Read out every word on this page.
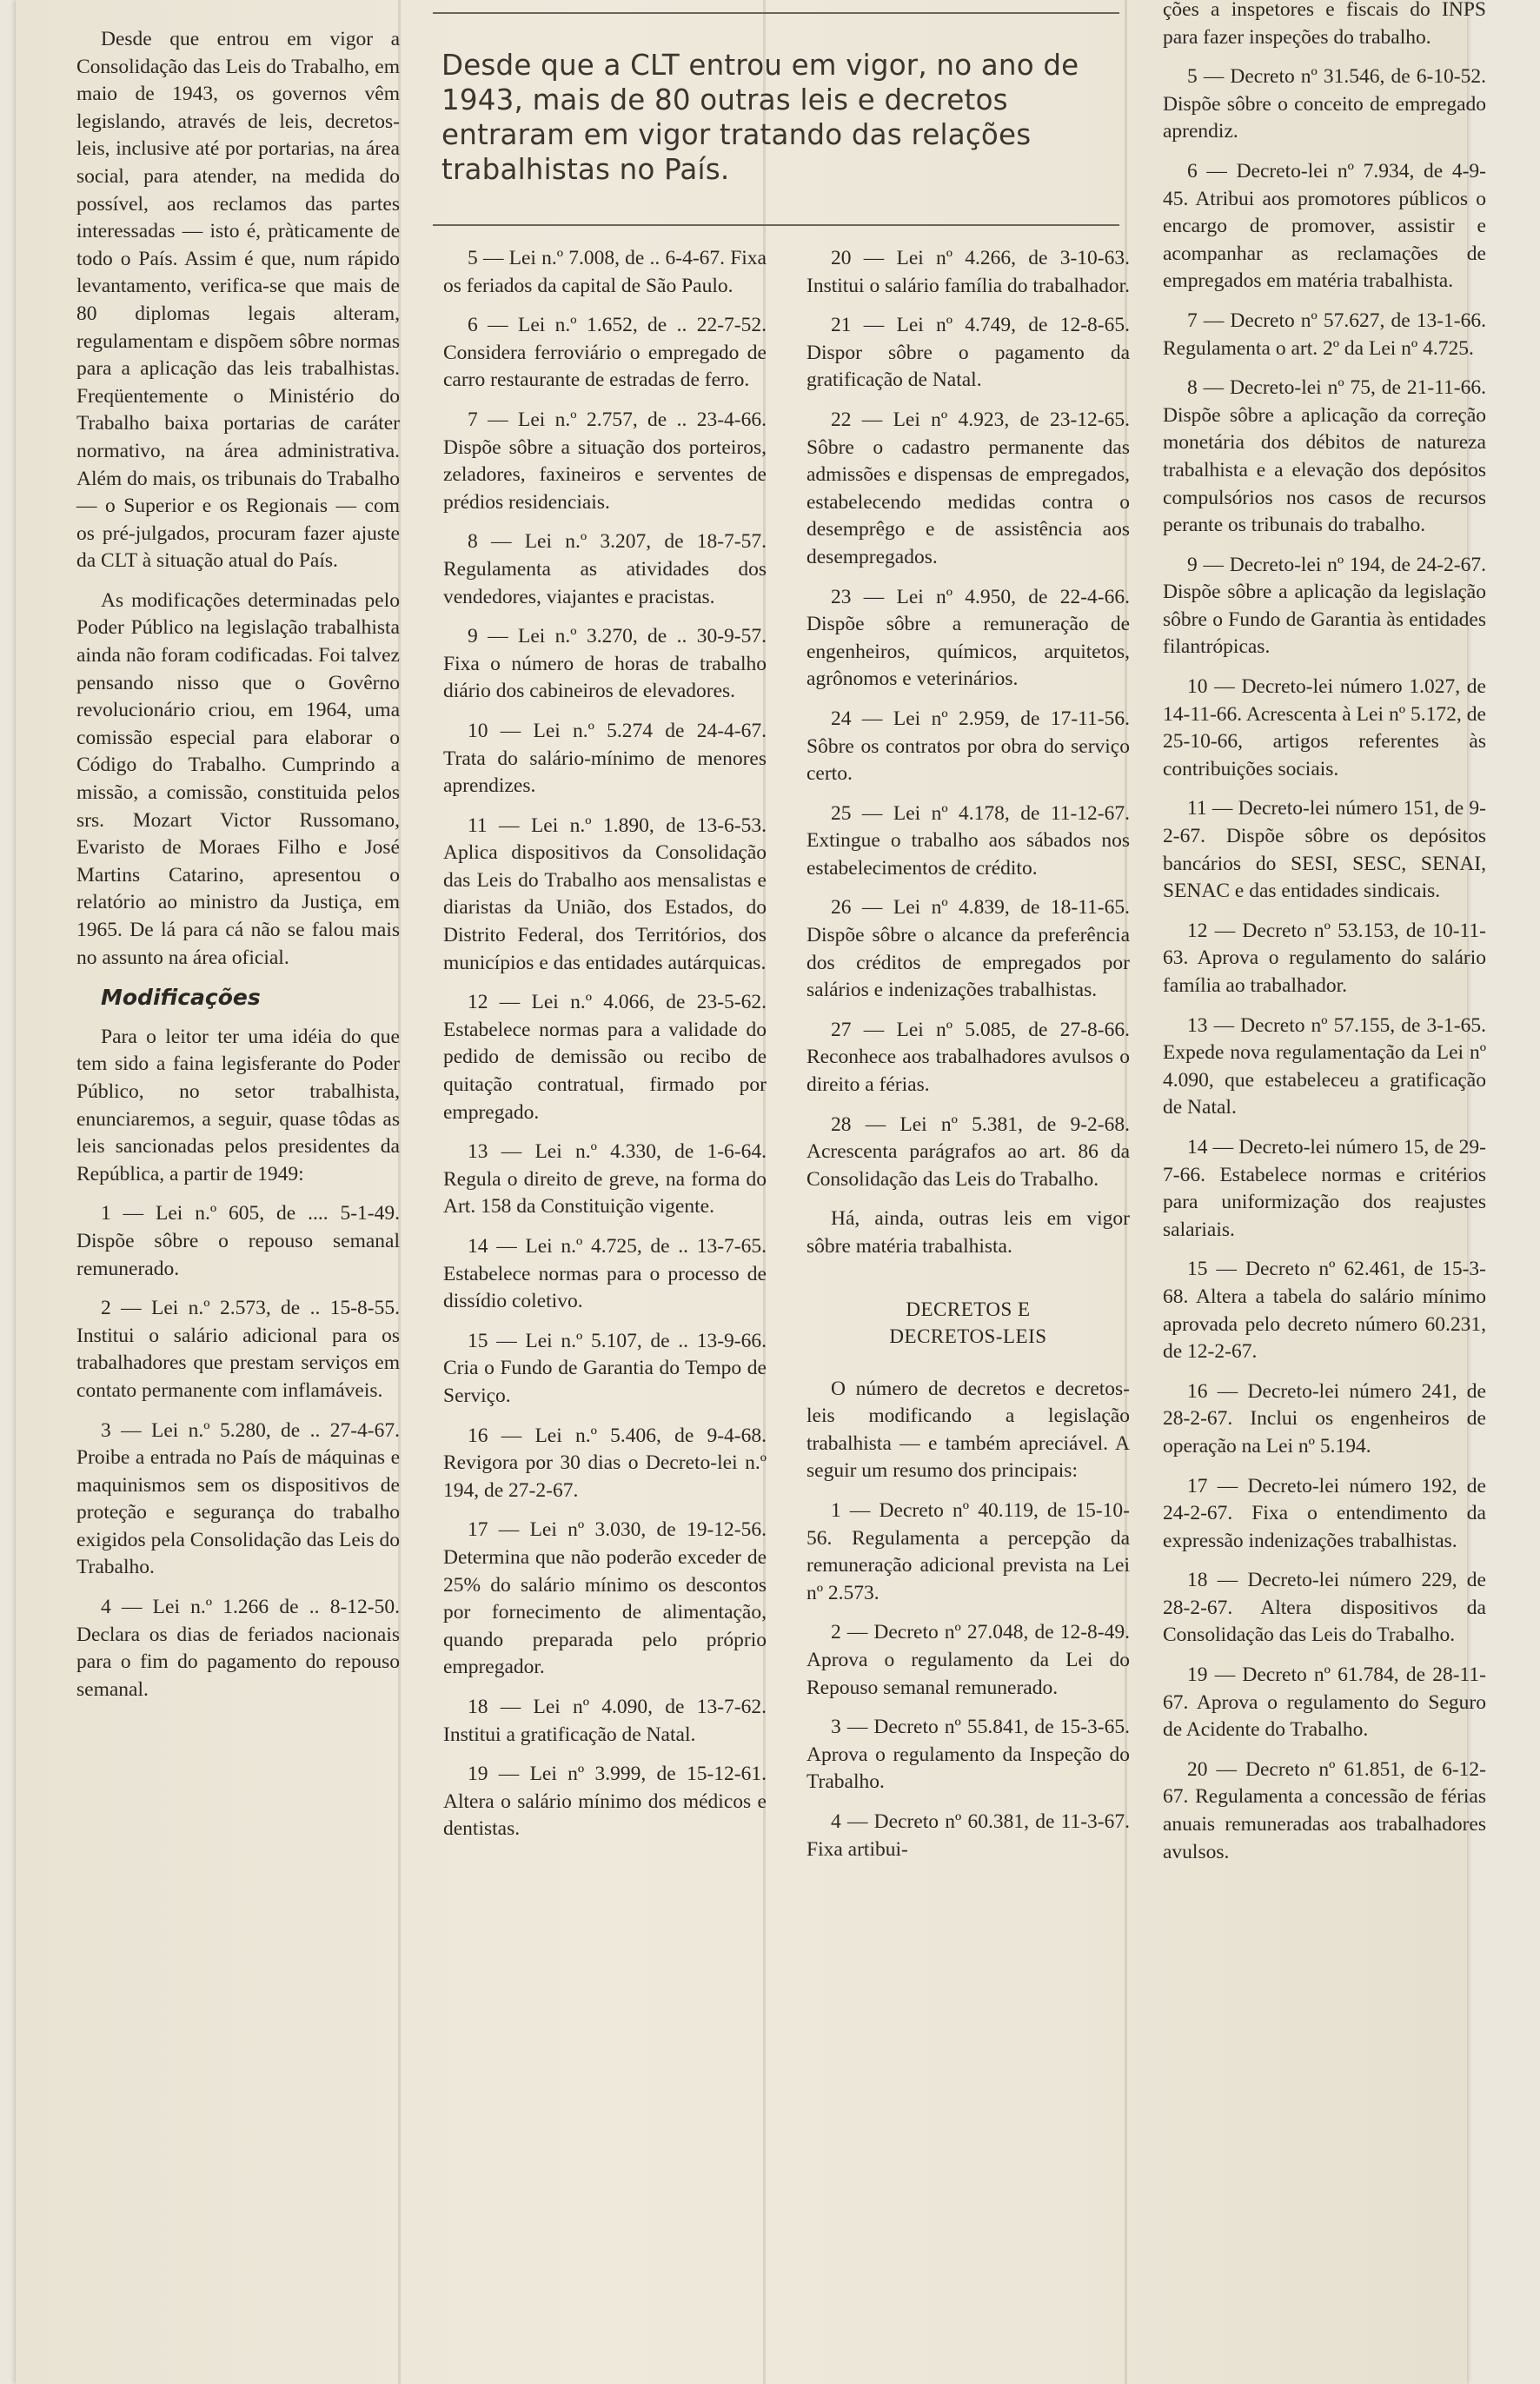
Desde que a CLT entrou em vigor, no ano de 1943, mais de 80 outras leis e decretos entraram em vigor tratando das relações trabalhistas no País.

Desde que entrou em vigor a Consolidação das Leis do Trabalho, em maio de 1943, os governos vêm legislando, através de leis, decretos-leis, inclusive até por portarias, na área social, para atender, na medida do possível, aos reclamos das partes interessadas — isto é, pràticamente de todo o País. Assim é que, num rápido levantamento, verifica-se que mais de 80 diplomas legais alteram, regulamentam e dispõem sôbre normas para a aplicação das leis trabalhistas. Freqüentemente o Ministério do Trabalho baixa portarias de caráter normativo, na área administrativa. Além do mais, os tribunais do Trabalho — o Superior e os Regionais — com os pré-julgados, procuram fazer ajuste da CLT à situação atual do País.

As modificações determinadas pelo Poder Público na legislação trabalhista ainda não foram codificadas. Foi talvez pensando nisso que o Govêrno revolucionário criou, em 1964, uma comissão especial para elaborar o Código do Trabalho. Cumprindo a missão, a comissão, constituida pelos srs. Mozart Victor Russomano, Evaristo de Moraes Filho e José Martins Catarino, apresentou o relatório ao ministro da Justiça, em 1965. De lá para cá não se falou mais no assunto na área oficial.

Modificações

Para o leitor ter uma idéia do que tem sido a faina legisferante do Poder Público, no setor trabalhista, enunciaremos, a seguir, quase tôdas as leis sancionadas pelos presidentes da República, a partir de 1949:

1 — Lei n.º 605, de .... 5-1-49. Dispõe sôbre o repouso semanal remunerado.

2 — Lei n.º 2.573, de .. 15-8-55. Institui o salário adicional para os trabalhadores que prestam serviços em contato permanente com inflamáveis.

3 — Lei n.º 5.280, de .. 27-4-67. Proibe a entrada no País de máquinas e maquinismos sem os dispositivos de proteção e segurança do trabalho exigidos pela Consolidação das Leis do Trabalho.

4 — Lei n.º 1.266 de .. 8-12-50. Declara os dias de feriados nacionais para o fim do pagamento do repouso semanal.

5 — Lei n.º 7.008, de .. 6-4-67. Fixa os feriados da capital de São Paulo.

6 — Lei n.º 1.652, de .. 22-7-52. Considera ferroviário o empregado de carro restaurante de estradas de ferro.

7 — Lei n.º 2.757, de .. 23-4-66. Dispõe sôbre a situação dos porteiros, zeladores, faxineiros e serventes de prédios residenciais.

8 — Lei n.º 3.207, de 18-7-57. Regulamenta as atividades dos vendedores, viajantes e pracistas.

9 — Lei n.º 3.270, de .. 30-9-57. Fixa o número de horas de trabalho diário dos cabineiros de elevadores.

10 — Lei n.º 5.274 de 24-4-67. Trata do salário-mínimo de menores aprendizes.

11 — Lei n.º 1.890, de 13-6-53. Aplica dispositivos da Consolidação das Leis do Trabalho aos mensalistas e diaristas da União, dos Estados, do Distrito Federal, dos Territórios, dos municípios e das entidades autárquicas.

12 — Lei n.º 4.066, de 23-5-62. Estabelece normas para a validade do pedido de demissão ou recibo de quitação contratual, firmado por empregado.

13 — Lei n.º 4.330, de 1-6-64. Regula o direito de greve, na forma do Art. 158 da Constituição vigente.

14 — Lei n.º 4.725, de .. 13-7-65. Estabelece normas para o processo de dissídio coletivo.

15 — Lei n.º 5.107, de .. 13-9-66. Cria o Fundo de Garantia do Tempo de Serviço.

16 — Lei n.º 5.406, de 9-4-68. Revigora por 30 dias o Decreto-lei n.º 194, de 27-2-67.

17 — Lei nº 3.030, de 19-12-56. Determina que não poderão exceder de 25% do salário mínimo os descontos por fornecimento de alimentação, quando preparada pelo próprio empregador.

18 — Lei nº 4.090, de 13-7-62. Institui a gratificação de Natal.

19 — Lei nº 3.999, de 15-12-61. Altera o salário mínimo dos médicos e dentistas.

20 — Lei nº 4.266, de 3-10-63. Institui o salário família do trabalhador.

21 — Lei nº 4.749, de 12-8-65. Dispor sôbre o pagamento da gratificação de Natal.

22 — Lei nº 4.923, de 23-12-65. Sôbre o cadastro permanente das admissões e dispensas de empregados, estabelecendo medidas contra o desemprêgo e de assistência aos desempregados.

23 — Lei nº 4.950, de 22-4-66. Dispõe sôbre a remuneração de engenheiros, químicos, arquitetos, agrônomos e veterinários.

24 — Lei nº 2.959, de 17-11-56. Sôbre os contratos por obra do serviço certo.

25 — Lei nº 4.178, de 11-12-67. Extingue o trabalho aos sábados nos estabelecimentos de crédito.

26 — Lei nº 4.839, de 18-11-65. Dispõe sôbre o alcance da preferência dos créditos de empregados por salários e indenizações trabalhistas.

27 — Lei nº 5.085, de 27-8-66. Reconhece aos trabalhadores avulsos o direito a férias.

28 — Lei nº 5.381, de 9-2-68. Acrescenta parágrafos ao art. 86 da Consolidação das Leis do Trabalho.

Há, ainda, outras leis em vigor sôbre matéria trabalhista.

DECRETOS E
DECRETOS-LEIS

O número de decretos e decretos-leis modificando a legislação trabalhista — e também apreciável. A seguir um resumo dos principais:

1 — Decreto nº 40.119, de 15-10-56. Regulamenta a percepção da remuneração adicional prevista na Lei nº 2.573.

2 — Decreto nº 27.048, de 12-8-49. Aprova o regulamento da Lei do Repouso semanal remunerado.

3 — Decreto nº 55.841, de 15-3-65. Aprova o regulamento da Inspeção do Trabalho.

4 — Decreto nº 60.381, de 11-3-67. Fixa artibui-

ções a inspetores e fiscais do INPS para fazer inspeções do trabalho.

5 — Decreto nº 31.546, de 6-10-52. Dispõe sôbre o conceito de empregado aprendiz.

6 — Decreto-lei nº 7.934, de 4-9-45. Atribui aos promotores públicos o encargo de promover, assistir e acompanhar as reclamações de empregados em matéria trabalhista.

7 — Decreto nº 57.627, de 13-1-66. Regulamenta o art. 2º da Lei nº 4.725.

8 — Decreto-lei nº 75, de 21-11-66. Dispõe sôbre a aplicação da correção monetária dos débitos de natureza trabalhista e a elevação dos depósitos compulsórios nos casos de recursos perante os tribunais do trabalho.

9 — Decreto-lei nº 194, de 24-2-67. Dispõe sôbre a aplicação da legislação sôbre o Fundo de Garantia às entidades filantrópicas.

10 — Decreto-lei número 1.027, de 14-11-66. Acrescenta à Lei nº 5.172, de 25-10-66, artigos referentes às contribuições sociais.

11 — Decreto-lei número 151, de 9-2-67. Dispõe sôbre os depósitos bancários do SESI, SESC, SENAI, SENAC e das entidades sindicais.

12 — Decreto nº 53.153, de 10-11-63. Aprova o regulamento do salário família ao trabalhador.

13 — Decreto nº 57.155, de 3-1-65. Expede nova regulamentação da Lei nº 4.090, que estabeleceu a gratificação de Natal.

14 — Decreto-lei número 15, de 29-7-66. Estabelece normas e critérios para uniformização dos reajustes salariais.

15 — Decreto nº 62.461, de 15-3-68. Altera a tabela do salário mínimo aprovada pelo decreto número 60.231, de 12-2-67.

16 — Decreto-lei número 241, de 28-2-67. Inclui os engenheiros de operação na Lei nº 5.194.

17 — Decreto-lei número 192, de 24-2-67. Fixa o entendimento da expressão indenizações trabalhistas.

18 — Decreto-lei número 229, de 28-2-67. Altera dispositivos da Consolidação das Leis do Trabalho.

19 — Decreto nº 61.784, de 28-11-67. Aprova o regulamento do Seguro de Acidente do Trabalho.

20 — Decreto nº 61.851, de 6-12-67. Regulamenta a concessão de férias anuais remuneradas aos trabalhadores avulsos.
